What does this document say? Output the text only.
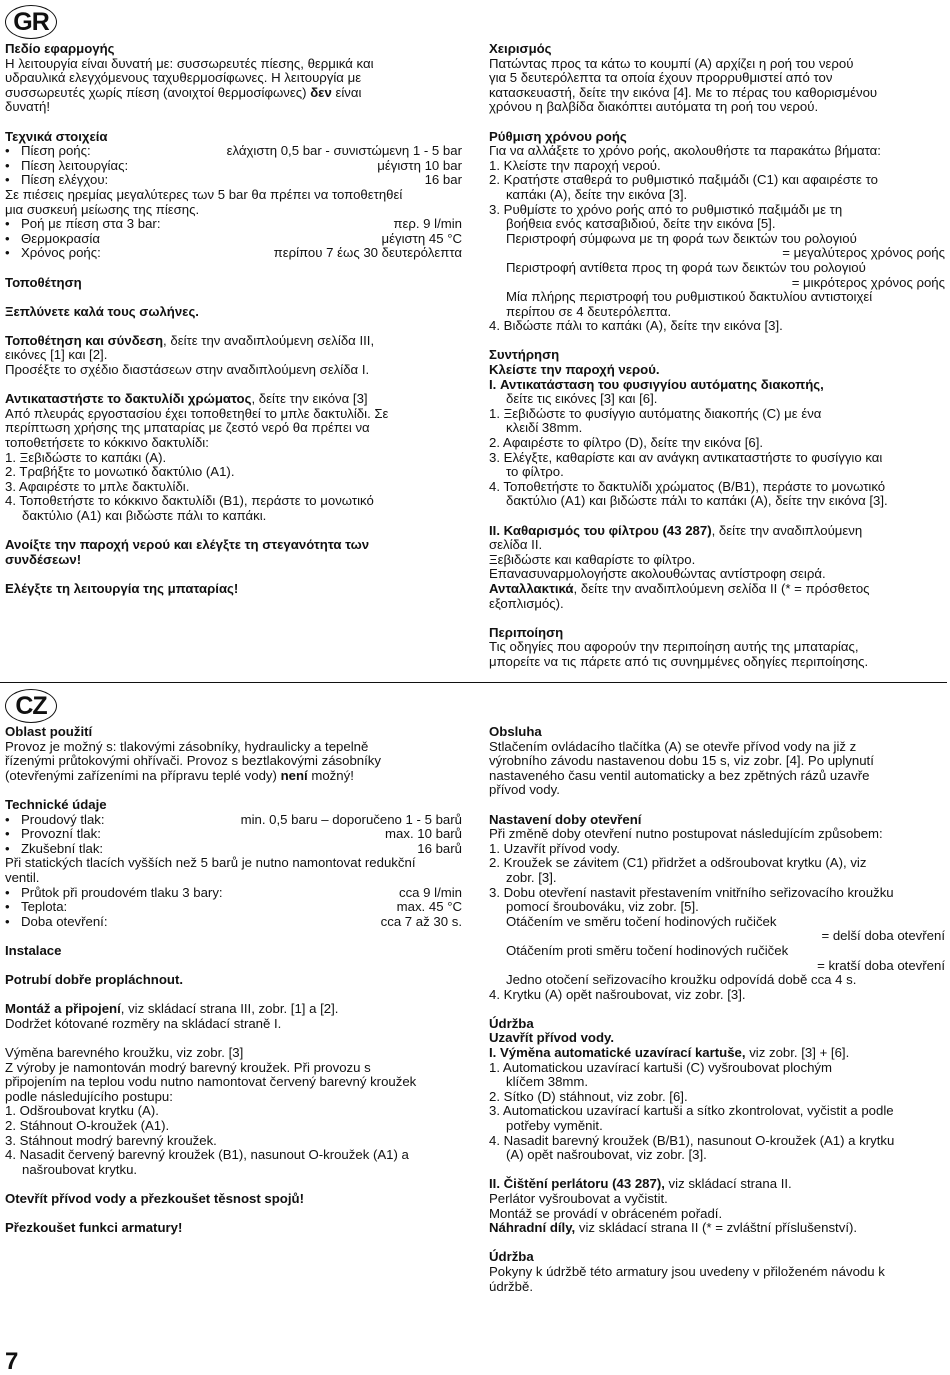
GR

Πεδίο εφαρμογής

Η λειτουργία είναι δυνατή με: συσσωρευτές πίεσης, θερμικά και

υδραυλικά ελεγχόμενους ταχυθερμοσίφωνες. Η λειτουργία με

συσσωρευτές χωρίς πίεση (ανοιχτοί θερμοσίφωνες) δεν είναι

δυνατή!

Τεχνικά στοιχεία

• Πίεση ροής:	ελάχιστη 0,5 bar - συνιστώμενη 1 - 5 bar
• Πίεση λειτουργίας:	μέγιστη 10 bar
• Πίεση ελέγχου:	16 bar

Σε πιέσεις ηρεμίας μεγαλύτερες των 5 bar θα πρέπει να τοποθετηθεί

μια συσκευή μείωσης της πίεσης.

• Ροή με πίεση στα 3 bar:	περ. 9 l/min
• Θερμοκρασία	μέγιστη 45 °C
• Χρόνος ροής:	περίπου 7 έως 30 δευτερόλεπτα

Τοποθέτηση

Ξεπλύνετε καλά τους σωλήνες.

Τοποθέτηση και σύνδεση, δείτε την αναδιπλούμενη σελίδα III,

εικόνες [1] και [2].

Προσέξτε το σχέδιο διαστάσεων στην αναδιπλούμενη σελίδα I.

Αντικαταστήστε το δακτυλίδι χρώματος, δείτε την εικόνα [3]

Από πλευράς εργοστασίου έχει τοποθετηθεί το μπλε δακτυλίδι. Σε

περίπτωση χρήσης της μπαταρίας με ζεστό νερό θα πρέπει να

τοποθετήσετε το κόκκινο δακτυλίδι:

1. Ξεβιδώστε το καπάκι (A).

2. Τραβήξτε το μονωτικό δακτύλιο (A1).

3. Αφαιρέστε το μπλε δακτυλίδι.

4. Τοποθετήστε το κόκκινο δακτυλίδι (B1), περάστε το μονωτικό

δακτύλιο (A1) και βιδώστε πάλι το καπάκι.

Ανοίξτε την παροχή νερού και ελέγξτε τη στεγανότητα των

συνδέσεων!

Ελέγξτε τη λειτουργία της μπαταρίας!

Χειρισμός

Πατώντας προς τα κάτω το κουμπί (A) αρχίζει η ροή του νερού

για 5 δευτερόλεπτα τα οποία έχουν προρρυθμιστεί από τον

κατασκευαστή, δείτε την εικόνα [4]. Με το πέρας του καθορισμένου

χρόνου η βαλβίδα διακόπτει αυτόματα τη ροή του νερού.

Ρύθμιση χρόνου ροής

Για να αλλάξετε το χρόνο ροής, ακολουθήστε τα παρακάτω βήματα:

1. Κλείστε την παροχή νερού.

2. Κρατήστε σταθερά το ρυθμιστικό παξιμάδι (C1) και αφαιρέστε το

καπάκι (A), δείτε την εικόνα [3].

3. Ρυθμίστε το χρόνο ροής από το ρυθμιστικό παξιμάδι με τη

βοήθεια ενός κατσαβιδιού, δείτε την εικόνα [5].

Περιστροφή σύμφωνα με τη φορά των δεικτών του ρολογιού

= μεγαλύτερος χρόνος ροής

Περιστροφή αντίθετα προς τη φορά των δεικτών του ρολογιού

= μικρότερος χρόνος ροής

Μία πλήρης περιστροφή του ρυθμιστικού δακτυλίου αντιστοιχεί

περίπου σε 4 δευτερόλεπτα.

4. Βιδώστε πάλι το καπάκι (A), δείτε την εικόνα [3].

Συντήρηση

Κλείστε την παροχή νερού.

I. Αντικατάσταση του φυσιγγίου αυτόματης διακοπής,

δείτε τις εικόνες [3] και [6].

1. Ξεβιδώστε το φυσίγγιο αυτόματης διακοπής (C) με ένα

κλειδί 38mm.

2. Αφαιρέστε το φίλτρο (D), δείτε την εικόνα [6].

3. Ελέγξτε, καθαρίστε και αν ανάγκη αντικαταστήστε το φυσίγγιο και

το φίλτρο.

4. Τοποθετήστε το δακτυλίδι χρώματος (B/B1), περάστε το μονωτικό

δακτύλιο (A1) και βιδώστε πάλι το καπάκι (A), δείτε την εικόνα [3].

II. Καθαρισμός του φίλτρου (43 287), δείτε την αναδιπλούμενη

σελίδα II.

Ξεβιδώστε και καθαρίστε το φίλτρο.

Επανασυναρμολογήστε ακολουθώντας αντίστροφη σειρά.

Ανταλλακτικά, δείτε την αναδιπλούμενη σελίδα II (* = πρόσθετος

εξοπλισμός).

Περιποίηση

Τις οδηγίες που αφορούν την περιποίηση αυτής της μπαταρίας,

μπορείτε να τις πάρετε από τις συνημμένες οδηγίες περιποίησης.

CZ

Oblast použití

Provoz je možný s: tlakovými zásobníky, hydraulicky a tepelně

řízenými průtokovými ohřívači. Provoz s beztlakovými zásobníky

(otevřenými zařízeními na přípravu teplé vody) není možný!

Technické údaje

• Proudový tlak:	min. 0,5 baru – doporučeno 1 - 5 barů
• Provozní tlak:	max. 10 barů
• Zkušební tlak:	16 barů

Při statických tlacích vyšších než 5 barů je nutno namontovat redukční

ventil.

• Průtok při proudovém tlaku 3 bary:	cca 9 l/min
• Teplota:	max. 45 °C
• Doba otevření:	cca 7 až 30 s.

Instalace

Potrubí dobře propláchnout.

Montáž a připojení, viz skládací strana III, zobr. [1] a [2].

Dodržet kótované rozměry na skládací straně I.

Výměna barevného kroužku, viz zobr. [3]

Z výroby je namontován modrý barevný kroužek. Při provozu s

připojením na teplou vodu nutno namontovat červený barevný kroužek

podle následujícího postupu:

1. Odšroubovat krytku (A).

2. Stáhnout O-kroužek (A1).

3. Stáhnout modrý barevný kroužek.

4. Nasadit červený barevný kroužek (B1), nasunout O-kroužek (A1) a

našroubovat krytku.

Otevřít přívod vody a přezkoušet těsnost spojů!

Přezkoušet funkci armatury!

Obsluha

Stlačením ovládacího tlačítka (A) se otevře přívod vody na již z

výrobního závodu nastavenou dobu 15 s, viz zobr. [4]. Po uplynutí

nastaveného času ventil automaticky a bez zpětných rázů uzavře

přívod vody.

Nastavení doby otevření

Při změně doby otevření nutno postupovat následujícím způsobem:

1. Uzavřít přívod vody.

2. Kroužek se závitem (C1) přidržet a odšroubovat krytku (A), viz

zobr. [3].

3. Dobu otevření nastavit přestavením vnitřního seřizovacího kroužku

pomocí šroubováku, viz zobr. [5].

Otáčením ve směru točení hodinových ručiček

= delší doba otevření

Otáčením proti směru točení hodinových ručiček

= kratší doba otevření

Jedno otočení seřizovacího kroužku odpovídá době cca 4 s.

4. Krytku (A) opět našroubovat, viz zobr. [3].

Údržba

Uzavřít přívod vody.

I. Výměna automatické uzavírací kartuše, viz zobr. [3] + [6].

1. Automatickou uzavírací kartuši (C) vyšroubovat plochým

klíčem 38mm.

2. Sítko (D) stáhnout, viz zobr. [6].

3. Automatickou uzavírací kartuši a sítko zkontrolovat, vyčistit a podle

potřeby vyměnit.

4. Nasadit barevný kroužek (B/B1), nasunout O-kroužek (A1) a krytku

(A) opět našroubovat, viz zobr. [3].

II. Čištění perlátoru (43 287), viz skládací strana II.

Perlátor vyšroubovat a vyčistit.

Montáž se provádí v obráceném pořadí.

Náhradní díly, viz skládací strana II (* = zvláštní příslušenství).

Údržba

Pokyny k údržbě této armatury jsou uvedeny v přiloženém návodu k

údržbě.

7
